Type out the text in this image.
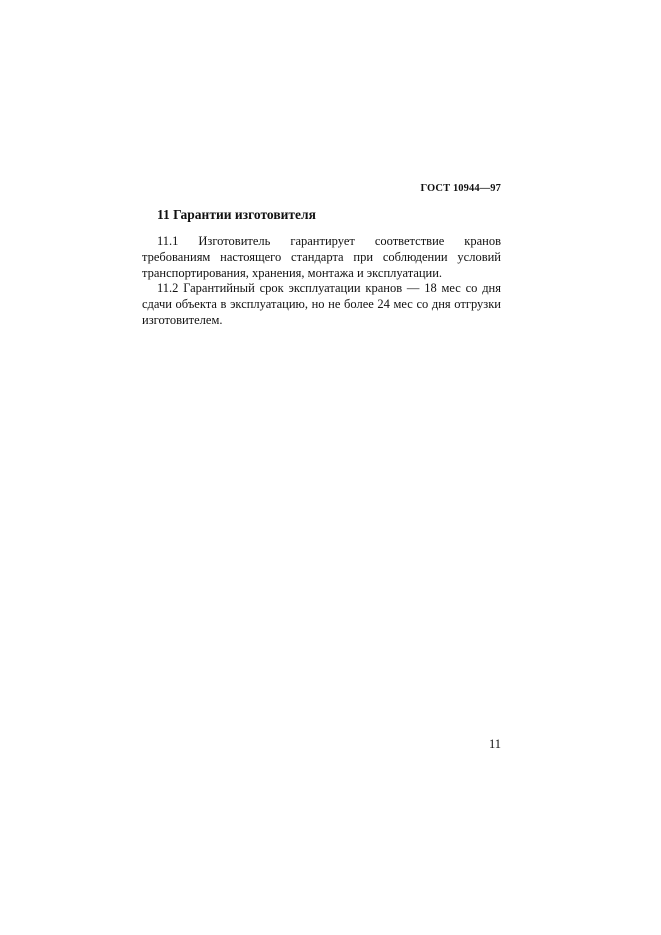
ГОСТ 10944—97
11 Гарантии изготовителя

11.1 Изготовитель гарантирует соответствие кранов требованиям настоящего стандарта при соблюдении условий транспортирования, хранения, монтажа и эксплуатации.

11.2 Гарантийный срок эксплуатации кранов — 18 мес со дня сдачи объекта в эксплуатацию, но не более 24 мес со дня отгрузки изготовителем.

11
